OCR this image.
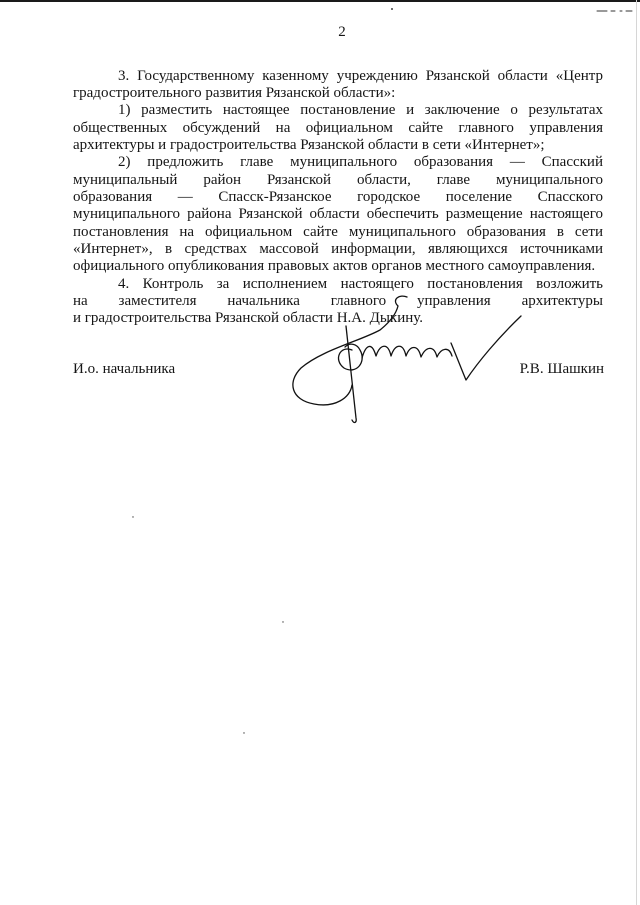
2
3. Государственному казенному учреждению Рязанской области «Центр
градостроительного развития Рязанской области»:
1) разместить настоящее постановление и заключение о результатах
общественных обсуждений на официальном сайте главного управления
архитектуры и градостроительства Рязанской области в сети «Интернет»;
2) предложить главе муниципального образования — Спасский
муниципальный район Рязанской области, главе муниципального
образования — Спасск-Рязанское городское поселение Спасского
муниципального района Рязанской области обеспечить размещение настоящего
постановления на официальном сайте муниципального образования в сети
«Интернет», в средствах массовой информации, являющихся источниками
официального опубликования правовых актов органов местного самоуправления.
4. Контроль за исполнением настоящего постановления возложить
на заместителя начальника главного управления архитектуры
и градостроительства Рязанской области Н.А. Дыкину.
И.о. начальника	Р.В. Шашкин
